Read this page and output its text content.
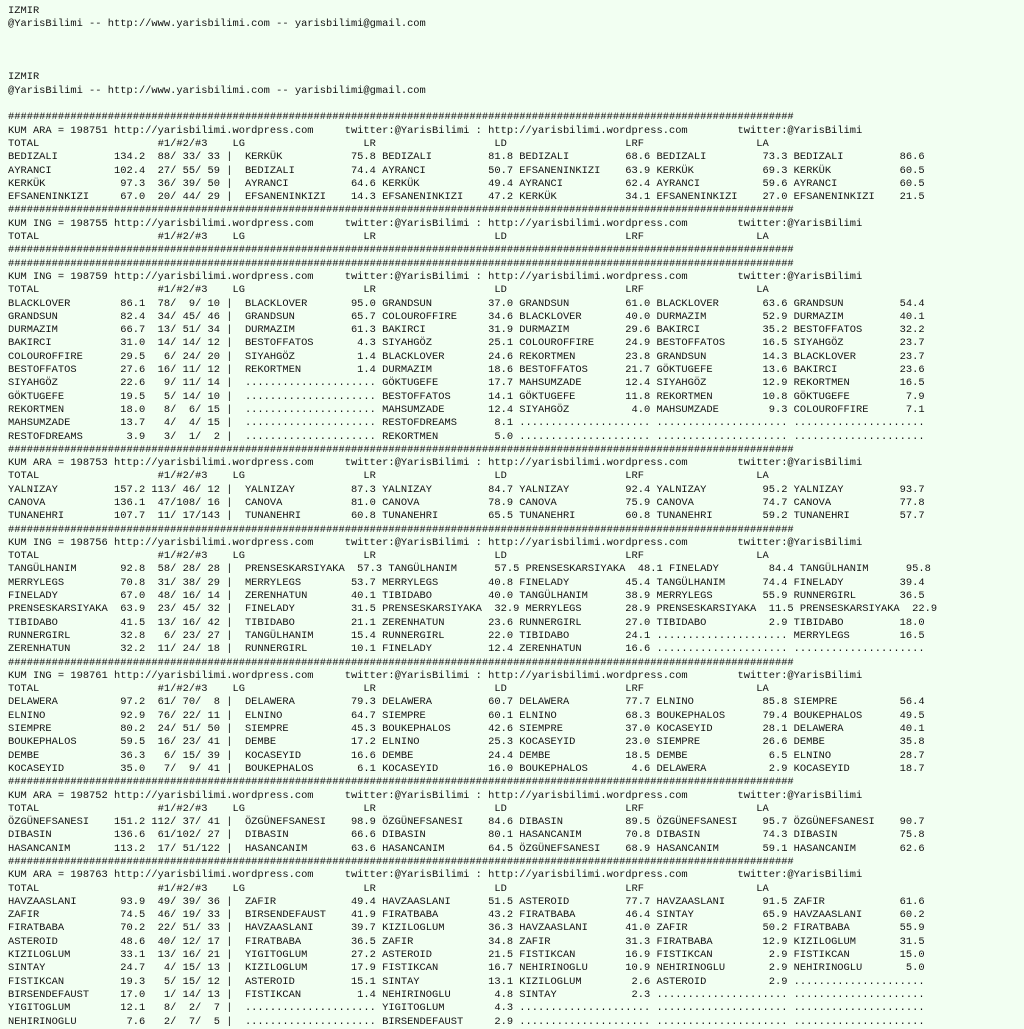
IZMIR
@YarisBilimi -- http://www.yarisbilimi.com -- yarisbilimi@gmail.com

IZMIR
@YarisBilimi -- http://www.yarisbilimi.com -- yarisbilimi@gmail.com

##############################################################################################################################
KUM ARA = 198751 http://yarisbilimi.wordpress.com     twitter:@YarisBilimi : http://yarisbilimi.wordpress.com        twitter:@YarisBilimi
TOTAL                   #1/#2/#3    LG                   LR                   LD                   LRF                  LA
BEDIZALI         134.2  88/ 33/ 33 |  KERKÜK           75.8 BEDIZALI         81.8 BEDIZALI         68.6 BEDIZALI         73.3 BEDIZALI         86.6
AYRANCI          102.4  27/ 55/ 59 |  BEDIZALI         74.4 AYRANCI          50.7 EFSANENINKIZI    63.9 KERKÜK           69.3 KERKÜK           60.5
KERKÜK            97.3  36/ 39/ 50 |  AYRANCI          64.6 KERKÜK           49.4 AYRANCI          62.4 AYRANCI          59.6 AYRANCI          60.5
EFSANENINKIZI     67.0  20/ 44/ 29 |  EFSANENINKIZI    14.3 EFSANENINKIZI    47.2 KERKÜK           34.1 EFSANENINKIZI    27.0 EFSANENINKIZI    21.5
##############################################################################################################################
KUM ING = 198755 http://yarisbilimi.wordpress.com     twitter:@YarisBilimi : http://yarisbilimi.wordpress.com        twitter:@YarisBilimi
TOTAL                   #1/#2/#3    LG                   LR                   LD                   LRF                  LA
##############################################################################################################################
##############################################################################################################################
KUM ING = 198759 http://yarisbilimi.wordpress.com     twitter:@YarisBilimi : http://yarisbilimi.wordpress.com        twitter:@YarisBilimi
TOTAL                   #1/#2/#3    LG                   LR                   LD                   LRF                  LA
BLACKLOVER        86.1  78/  9/ 10 |  BLACKLOVER       95.0 GRANDSUN         37.0 GRANDSUN         61.0 BLACKLOVER       63.6 GRANDSUN         54.4
GRANDSUN          82.4  34/ 45/ 46 |  GRANDSUN         65.7 COLOUROFFIRE     34.6 BLACKLOVER       40.0 DURMAZIM         52.9 DURMAZIM         40.1
DURMAZIM          66.7  13/ 51/ 34 |  DURMAZIM         61.3 BAKIRCI          31.9 DURMAZIM         29.6 BAKIRCI          35.2 BESTOFFATOS      32.2
BAKIRCI           31.0  14/ 14/ 12 |  BESTOFFATOS       4.3 SIYAHGÖZ         25.1 COLOUROFFIRE     24.9 BESTOFFATOS      16.5 SIYAHGÖZ         23.7
COLOUROFFIRE      29.5   6/ 24/ 20 |  SIYAHGÖZ          1.4 BLACKLOVER       24.6 REKORTMEN        23.8 GRANDSUN         14.3 BLACKLOVER       23.7
BESTOFFATOS       27.6  16/ 11/ 12 |  REKORTMEN         1.4 DURMAZIM         18.6 BESTOFFATOS      21.7 GÖKTUGEFE        13.6 BAKIRCI          23.6
SIYAHGÖZ          22.6   9/ 11/ 14 |  ..................... GÖKTUGEFE        17.7 MAHSUMZADE       12.4 SIYAHGÖZ         12.9 REKORTMEN        16.5
GÖKTUGEFE         19.5   5/ 14/ 10 |  ..................... BESTOFFATOS      14.1 GÖKTUGEFE        11.8 REKORTMEN        10.8 GÖKTUGEFE         7.9
REKORTMEN         18.0   8/  6/ 15 |  ..................... MAHSUMZADE       12.4 SIYAHGÖZ          4.0 MAHSUMZADE        9.3 COLOUROFFIRE      7.1
MAHSUMZADE        13.7   4/  4/ 15 |  ..................... RESTOFDREAMS      8.1 ..................... ..................... .....................
RESTOFDREAMS       3.9   3/  1/  2 |  ..................... REKORTMEN         5.0 ..................... ..................... .....................
##############################################################################################################################
KUM ARA = 198753 http://yarisbilimi.wordpress.com     twitter:@YarisBilimi : http://yarisbilimi.wordpress.com        twitter:@YarisBilimi
TOTAL                   #1/#2/#3    LG                   LR                   LD                   LRF                  LA
YALNIZAY         157.2 113/ 46/ 12 |  YALNIZAY         87.3 YALNIZAY         84.7 YALNIZAY         92.4 YALNIZAY         95.2 YALNIZAY         93.7
CANOVA           136.1  47/108/ 16 |  CANOVA           81.0 CANOVA           78.9 CANOVA           75.9 CANOVA           74.7 CANOVA           77.8
TUNANEHRI        107.7  11/ 17/143 |  TUNANEHRI        60.8 TUNANEHRI        65.5 TUNANEHRI        60.8 TUNANEHRI        59.2 TUNANEHRI        57.7
##############################################################################################################################
KUM ING = 198756 http://yarisbilimi.wordpress.com     twitter:@YarisBilimi : http://yarisbilimi.wordpress.com        twitter:@YarisBilimi
TOTAL                   #1/#2/#3    LG                   LR                   LD                   LRF                  LA
TANGÜLHANIM       92.8  58/ 28/ 28 |  PRENSESKARSIYAKA  57.3 TANGÜLHANIM      57.5 PRENSESKARSIYAKA  48.1 FINELADY        84.4 TANGÜLHANIM      95.8
MERRYLEGS         70.8  31/ 38/ 29 |  MERRYLEGS        53.7 MERRYLEGS        40.8 FINELADY         45.4 TANGÜLHANIM      74.4 FINELADY         39.4
FINELADY          67.0  48/ 16/ 14 |  ZERENHATUN       40.1 TIBIDABO         40.0 TANGÜLHANIM      38.9 MERRYLEGS        55.9 RUNNERGIRL       36.5
PRENSESKARSIYAKA  63.9  23/ 45/ 32 |  FINELADY         31.5 PRENSESKARSIYAKA  32.9 MERRYLEGS       28.9 PRENSESKARSIYAKA  11.5 PRENSESKARSIYAKA  22.9
TIBIDABO          41.5  13/ 16/ 42 |  TIBIDABO         21.1 ZERENHATUN       23.6 RUNNERGIRL       27.0 TIBIDABO          2.9 TIBIDABO         18.0
RUNNERGIRL        32.8   6/ 23/ 27 |  TANGÜLHANIM      15.4 RUNNERGIRL       22.0 TIBIDABO         24.1 ..................... MERRYLEGS        16.5
ZERENHATUN        32.2  11/ 24/ 18 |  RUNNERGIRL       10.1 FINELADY         12.4 ZERENHATUN       16.6 ..................... .....................
##############################################################################################################################
KUM ING = 198761 http://yarisbilimi.wordpress.com     twitter:@YarisBilimi : http://yarisbilimi.wordpress.com        twitter:@YarisBilimi
TOTAL                   #1/#2/#3    LG                   LR                   LD                   LRF                  LA
DELAWERA          97.2  61/ 70/  8 |  DELAWERA         79.3 DELAWERA         60.7 DELAWERA         77.7 ELNINO           85.8 SIEMPRE          56.4
ELNINO            92.9  76/ 22/ 11 |  ELNINO           64.7 SIEMPRE          60.1 ELNINO           68.3 BOUKEPHALOS      79.4 BOUKEPHALOS      49.5
SIEMPRE           80.2  24/ 51/ 50 |  SIEMPRE          45.3 BOUKEPHALOS      42.6 SIEMPRE          37.0 KOCASEYID        28.1 DELAWERA         40.1
BOUKEPHALOS       59.5  16/ 23/ 41 |  DEMBE            17.2 ELNINO           25.3 KOCASEYID        23.0 SIEMPRE          26.6 DEMBE            35.8
DEMBE             36.3   6/ 15/ 39 |  KOCASEYID        16.6 DEMBE            24.4 DEMBE            18.5 DEMBE             6.5 ELNINO           28.7
KOCASEYID         35.0   7/  9/ 41 |  BOUKEPHALOS       6.1 KOCASEYID        16.0 BOUKEPHALOS       4.6 DELAWERA          2.9 KOCASEYID        18.7
##############################################################################################################################
KUM ARA = 198752 http://yarisbilimi.wordpress.com     twitter:@YarisBilimi : http://yarisbilimi.wordpress.com        twitter:@YarisBilimi
TOTAL                   #1/#2/#3    LG                   LR                   LD                   LRF                  LA
ÖZGÜNEFSANESI    151.2 112/ 37/ 41 |  ÖZGÜNEFSANESI    98.9 ÖZGÜNEFSANESI    84.6 DIBASIN          89.5 ÖZGÜNEFSANESI    95.7 ÖZGÜNEFSANESI    90.7
DIBASIN          136.6  61/102/ 27 |  DIBASIN          66.6 DIBASIN          80.1 HASANCANIM       70.8 DIBASIN          74.3 DIBASIN          75.8
HASANCANIM       113.2  17/ 51/122 |  HASANCANIM       63.6 HASANCANIM       64.5 ÖZGÜNEFSANESI    68.9 HASANCANIM       59.1 HASANCANIM       62.6
##############################################################################################################################
KUM ARA = 198763 http://yarisbilimi.wordpress.com     twitter:@YarisBilimi : http://yarisbilimi.wordpress.com        twitter:@YarisBilimi
TOTAL                   #1/#2/#3    LG                   LR                   LD                   LRF                  LA
HAVZAASLANI       93.9  49/ 39/ 36 |  ZAFIR            49.4 HAVZAASLANI      51.5 ASTEROID         77.7 HAVZAASLANI      91.5 ZAFIR            61.6
ZAFIR             74.5  46/ 19/ 33 |  BIRSENDEFAUST    41.9 FIRATBABA        43.2 FIRATBABA        46.4 SINTAY           65.9 HAVZAASLANI      60.2
FIRATBABA         70.2  22/ 51/ 33 |  HAVZAASLANI      39.7 KIZILOGLUM       36.3 HAVZAASLANI      41.0 ZAFIR            50.2 FIRATBABA        55.9
ASTEROID          48.6  40/ 12/ 17 |  FIRATBABA        36.5 ZAFIR            34.8 ZAFIR            31.3 FIRATBABA        12.9 KIZILOGLUM       31.5
KIZILOGLUM        33.1  13/ 16/ 21 |  YIGITOGLUM       27.2 ASTEROID         21.5 FISTIKCAN        16.9 FISTIKCAN         2.9 FISTIKCAN        15.0
SINTAY            24.7   4/ 15/ 13 |  KIZILOGLUM       17.9 FISTIKCAN        16.7 NEHIRINOGLU      10.9 NEHIRINOGLU       2.9 NEHIRINOGLU       5.0
FISTIKCAN         19.3   5/ 15/ 12 |  ASTEROID         15.1 SINTAY           13.1 KIZILOGLUM        2.6 ASTEROID          2.9 .....................
BIRSENDEFAUST     17.0   1/ 14/ 13 |  FISTIKCAN         1.4 NEHIRINOGLU       4.8 SINTAY            2.3 ..................... .....................
YIGITOGLUM        12.1   8/  2/  7 |  ..................... YIGITOGLUM        4.3 ..................... ..................... .....................
NEHIRINOGLU        7.6   2/  7/  5 |  ..................... BIRSENDEFAUST     2.9 ..................... ..................... .....................
